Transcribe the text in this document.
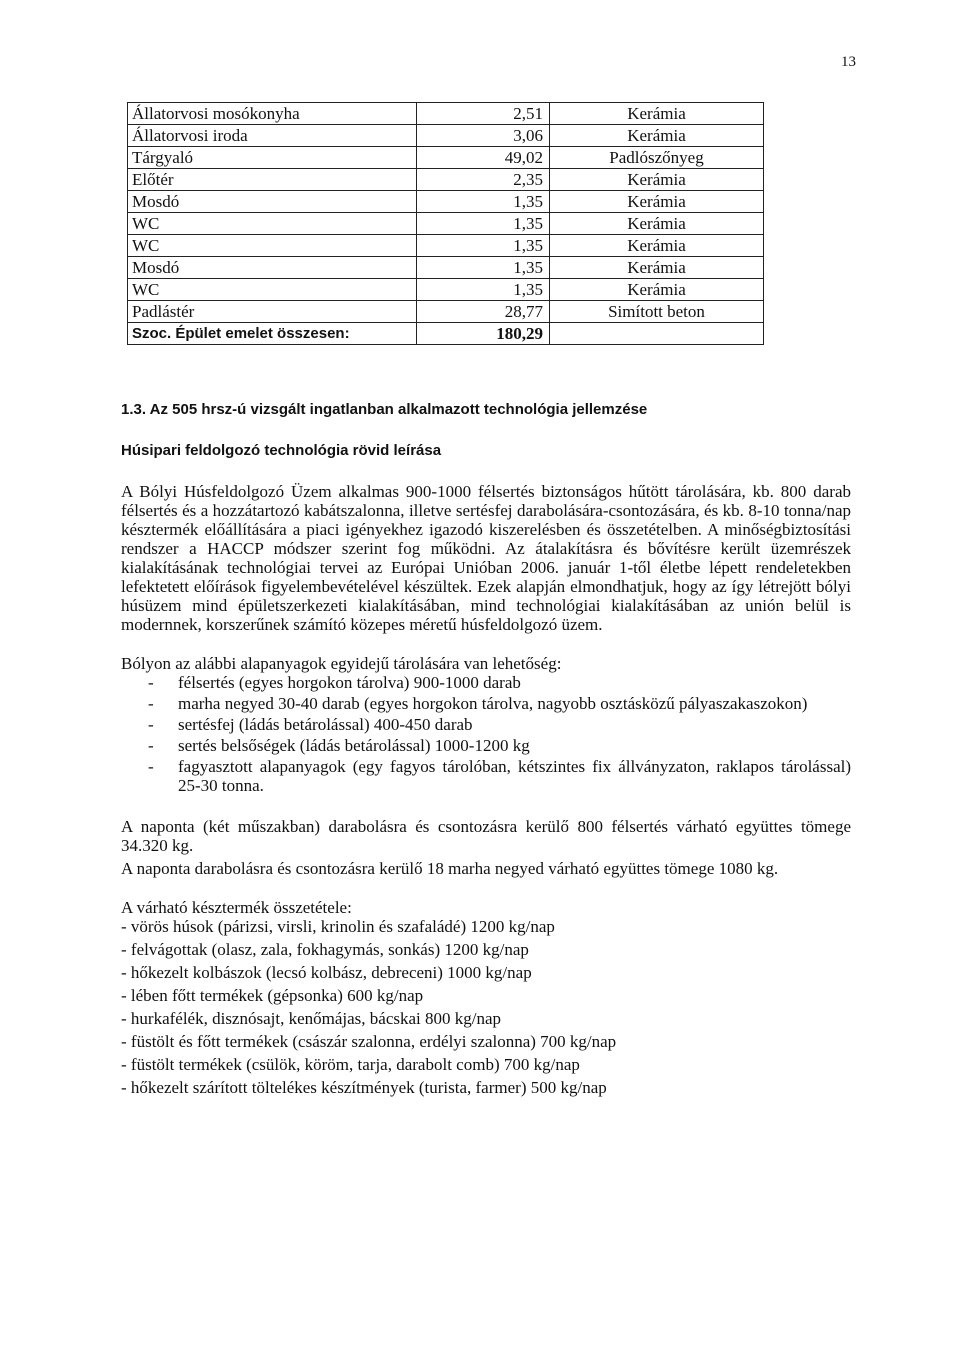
13
Állatorvosi mosókonyha	2,51	Kerámia
Állatorvosi iroda	3,06	Kerámia
Tárgyaló	49,02	Padlószőnyeg
Előtér	2,35	Kerámia
Mosdó	1,35	Kerámia
WC	1,35	Kerámia
WC	1,35	Kerámia
Mosdó	1,35	Kerámia
WC	1,35	Kerámia
Padlástér	28,77	Simított beton
Szoc. Épület emelet összesen:	180,29	
1.3. Az 505 hrsz-ú vizsgált ingatlanban alkalmazott technológia jellemzése
Húsipari feldolgozó technológia rövid leírása

A Bólyi Húsfeldolgozó Üzem alkalmas 900-1000 félsertés biztonságos hűtött tárolására, kb. 800 darab félsertés és a hozzátartozó kabátszalonna, illetve sertésfej darabolására-csontozására, és kb. 8-10 tonna/nap késztermék előállítására a piaci igényekhez igazodó kiszerelésben és összetételben. A minőségbiztosítási rendszer a HACCP módszer szerint fog működni. Az átalakításra és bővítésre került üzemrészek kialakításának technológiai tervei az Európai Unióban 2006. január 1-től életbe lépett rendeletekben lefektetett előírások figyelembevételével készültek. Ezek alapján elmondhatjuk, hogy az így létrejött bólyi húsüzem mind épületszerkezeti kialakításában, mind technológiai kialakításában az unión belül is modernnek, korszerűnek számító közepes méretű húsfeldolgozó üzem.

Bólyon az alábbi alapanyagok egyidejű tárolására van lehetőség:

- félsertés (egyes horgokon tárolva) 900-1000 darab
- marha negyed 30-40 darab (egyes horgokon tárolva, nagyobb osztásközű pályaszakaszokon)
- sertésfej (ládás betárolással) 400-450 darab
- sertés belsőségek (ládás betárolással) 1000-1200 kg
- fagyasztott alapanyagok (egy fagyos tárolóban, kétszintes fix állványzaton, raklapos tárolással) 25-30 tonna.

A naponta (két műszakban) darabolásra és csontozásra kerülő 800 félsertés várható együttes tömege 34.320 kg.

A naponta darabolásra és csontozásra kerülő 18 marha negyed várható együttes tömege 1080 kg.

A várható késztermék összetétele:

- vörös húsok (párizsi, virsli, krinolin és szafaládé) 1200 kg/nap
- felvágottak (olasz, zala, fokhagymás, sonkás) 1200 kg/nap
- hőkezelt kolbászok (lecsó kolbász, debreceni) 1000 kg/nap
- lében főtt termékek (gépsonka) 600 kg/nap
- hurkafélék, disznósajt, kenőmájas, bácskai 800 kg/nap
- füstölt és főtt termékek (császár szalonna, erdélyi szalonna) 700 kg/nap
- füstölt termékek (csülök, köröm, tarja, darabolt comb) 700 kg/nap
- hőkezelt szárított töltelékes készítmények (turista, farmer) 500 kg/nap
